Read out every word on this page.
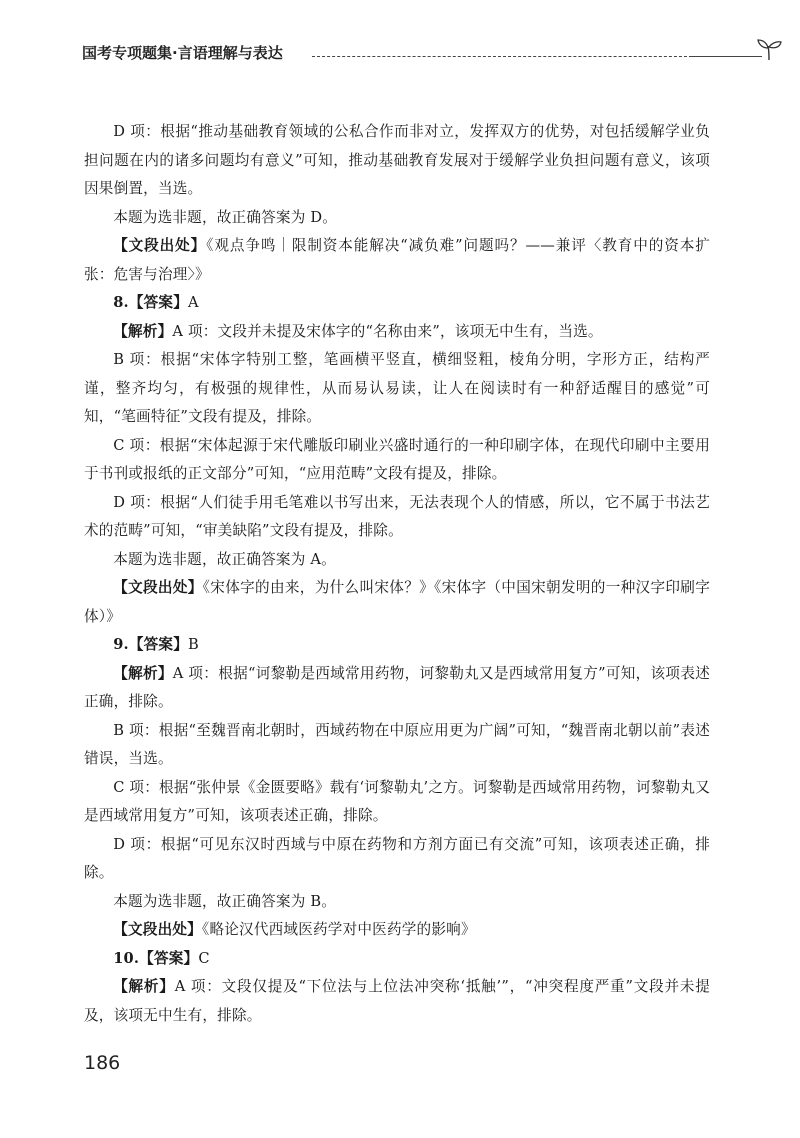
国考专项题集·言语理解与表达

D 项：根据“推动基础教育领域的公私合作而非对立，发挥双方的优势，对包括缓解学业负担问题在内的诸多问题均有意义”可知，推动基础教育发展对于缓解学业负担问题有意义，该项因果倒置，当选。

本题为选非题，故正确答案为 D。

【文段出处】《观点争鸣｜限制资本能解决“减负难”问题吗？——兼评〈教育中的资本扩张：危害与治理〉》

8.【答案】A

【解析】A 项：文段并未提及宋体字的“名称由来”，该项无中生有，当选。

B 项：根据“宋体字特别工整，笔画横平竖直，横细竖粗，棱角分明，字形方正，结构严谨，整齐均匀，有极强的规律性，从而易认易读，让人在阅读时有一种舒适醒目的感觉”可知，“笔画特征”文段有提及，排除。

C 项：根据“宋体起源于宋代雕版印刷业兴盛时通行的一种印刷字体，在现代印刷中主要用于书刊或报纸的正文部分”可知，“应用范畴”文段有提及，排除。

D 项：根据“人们徒手用毛笔难以书写出来，无法表现个人的情感，所以，它不属于书法艺术的范畴”可知，“审美缺陷”文段有提及，排除。

本题为选非题，故正确答案为 A。

【文段出处】《宋体字的由来，为什么叫宋体？》《宋体字（中国宋朝发明的一种汉字印刷字体）》

9.【答案】B

【解析】A 项：根据“诃黎勒是西域常用药物，诃黎勒丸又是西域常用复方”可知，该项表述正确，排除。

B 项：根据“至魏晋南北朝时，西域药物在中原应用更为广阔”可知，“魏晋南北朝以前”表述错误，当选。

C 项：根据“张仲景《金匮要略》载有‘诃黎勒丸’之方。诃黎勒是西域常用药物，诃黎勒丸又是西域常用复方”可知，该项表述正确，排除。

D 项：根据“可见东汉时西域与中原在药物和方剂方面已有交流”可知，该项表述正确，排除。

本题为选非题，故正确答案为 B。

【文段出处】《略论汉代西域医药学对中医药学的影响》

10.【答案】C

【解析】A 项：文段仅提及“下位法与上位法冲突称‘抵触’”，“冲突程度严重”文段并未提及，该项无中生有，排除。

186
